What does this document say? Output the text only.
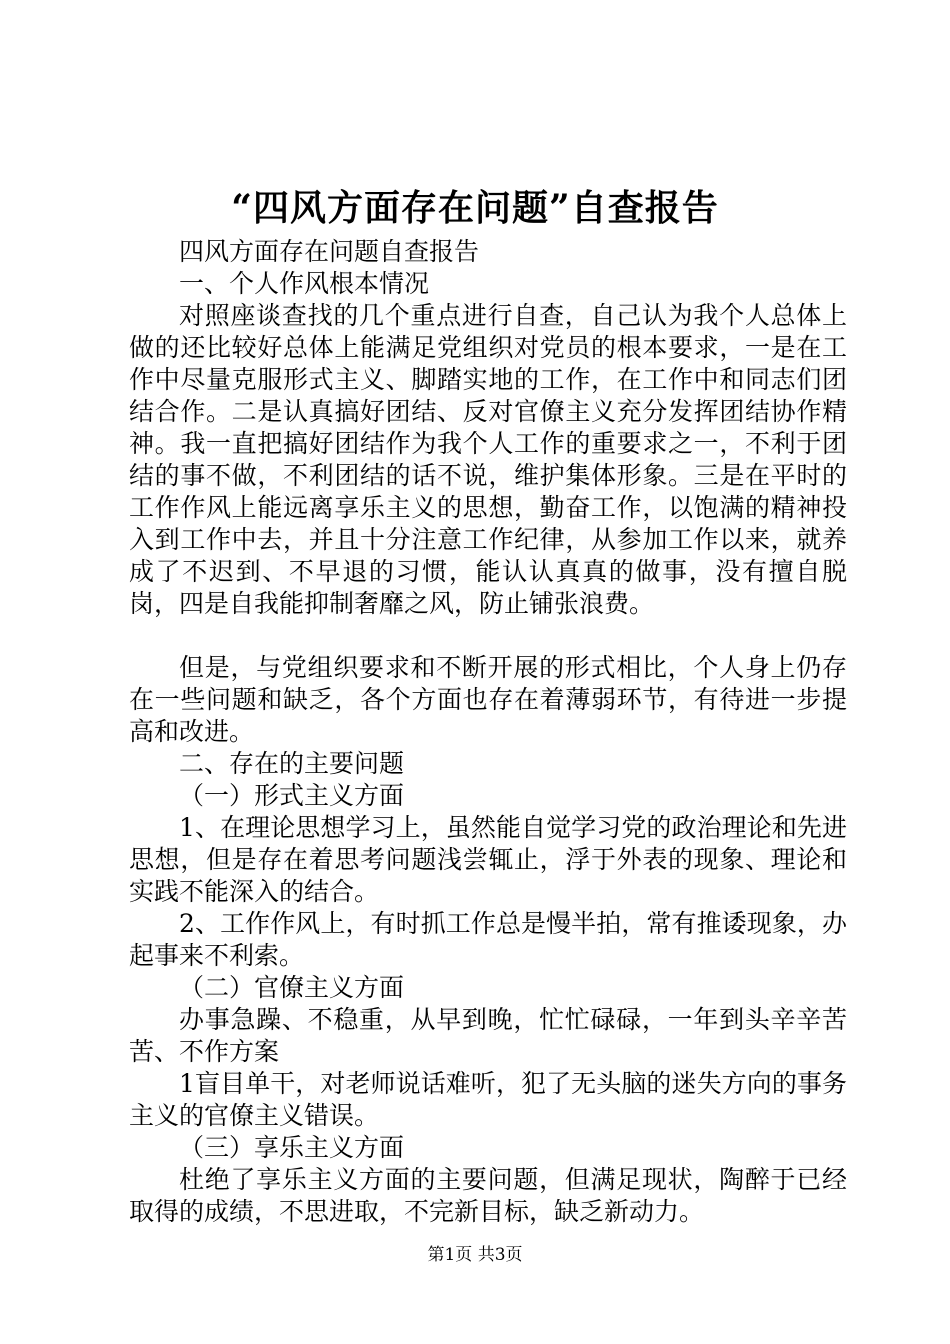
“四风方面存在问题”自查报告

四风方面存在问题自查报告

一、个人作风根本情况

对照座谈查找的几个重点进行自查，自己认为我个人总体上做的还比较好总体上能满足党组织对党员的根本要求，一是在工作中尽量克服形式主义、脚踏实地的工作，在工作中和同志们团结合作。二是认真搞好团结、反对官僚主义充分发挥团结协作精神。我一直把搞好团结作为我个人工作的重要求之一，不利于团结的事不做，不利团结的话不说，维护集体形象。三是在平时的工作作风上能远离享乐主义的思想，勤奋工作，以饱满的精神投入到工作中去，并且十分注意工作纪律，从参加工作以来，就养成了不迟到、不早退的习惯，能认认真真的做事，没有擅自脱岗，四是自我能抑制奢靡之风，防止铺张浪费。

但是，与党组织要求和不断开展的形式相比，个人身上仍存在一些问题和缺乏，各个方面也存在着薄弱环节，有待进一步提高和改进。

二、存在的主要问题

（一）形式主义方面

1、在理论思想学习上，虽然能自觉学习党的政治理论和先进思想，但是存在着思考问题浅尝辄止，浮于外表的现象、理论和实践不能深入的结合。

2、工作作风上，有时抓工作总是慢半拍，常有推诿现象，办起事来不利索。

（二）官僚主义方面

办事急躁、不稳重，从早到晚，忙忙碌碌，一年到头辛辛苦苦、不作方案

1盲目单干，对老师说话难听，犯了无头脑的迷失方向的事务主义的官僚主义错误。

（三）享乐主义方面

杜绝了享乐主义方面的主要问题，但满足现状，陶醉于已经取得的成绩，不思进取，不完新目标，缺乏新动力。

第1页 共3页
